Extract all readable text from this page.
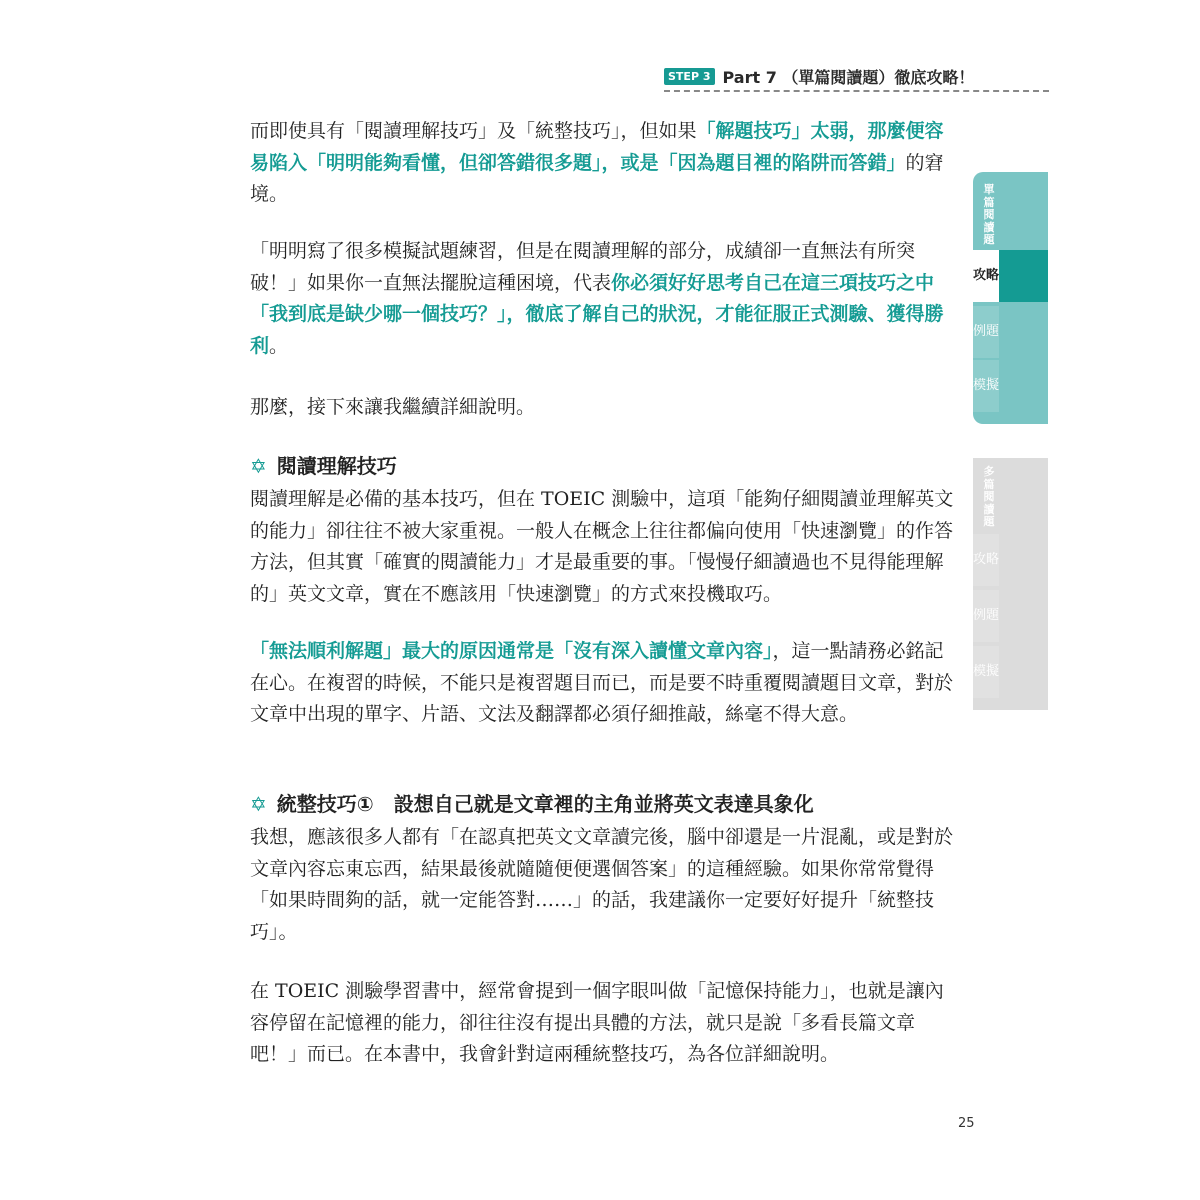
STEP 3 Part 7 （單篇閱讀題）徹底攻略！

而即使具有「閱讀理解技巧」及「統整技巧」，但如果「解題技巧」太弱，那麼便容易陷入「明明能夠看懂，但卻答錯很多題」，或是「因為題目裡的陷阱而答錯」的窘境。

「明明寫了很多模擬試題練習，但是在閱讀理解的部分，成績卻一直無法有所突破！」如果你一直無法擺脫這種困境，代表你必須好好思考自己在這三項技巧之中「我到底是缺少哪一個技巧？」，徹底了解自己的狀況，才能征服正式測驗、獲得勝利。

那麼，接下來讓我繼續詳細說明。

✡ 閱讀理解技巧

閱讀理解是必備的基本技巧，但在 TOEIC 測驗中，這項「能夠仔細閱讀並理解英文的能力」卻往往不被大家重視。一般人在概念上往往都偏向使用「快速瀏覽」的作答方法，但其實「確實的閱讀能力」才是最重要的事。「慢慢仔細讀過也不見得能理解的」英文文章，實在不應該用「快速瀏覽」的方式來投機取巧。

「無法順利解題」最大的原因通常是「沒有深入讀懂文章內容」，這一點請務必銘記在心。在複習的時候，不能只是複習題目而已，而是要不時重覆閱讀題目文章，對於文章中出現的單字、片語、文法及翻譯都必須仔細推敲，絲毫不得大意。

✡ 統整技巧①　設想自己就是文章裡的主角並將英文表達具象化

我想，應該很多人都有「在認真把英文文章讀完後，腦中卻還是一片混亂，或是對於文章內容忘東忘西，結果最後就隨隨便便選個答案」的這種經驗。如果你常常覺得「如果時間夠的話，就一定能答對……」的話，我建議你一定要好好提升「統整技巧」。

在 TOEIC 測驗學習書中，經常會提到一個字眼叫做「記憶保持能力」，也就是讓內容停留在記憶裡的能力，卻往往沒有提出具體的方法，就只是說「多看長篇文章吧！」而已。在本書中，我會針對這兩種統整技巧，為各位詳細說明。

單篇閱讀題
攻略
例題
模擬
多篇閱讀題
攻略
例題
模擬
25
